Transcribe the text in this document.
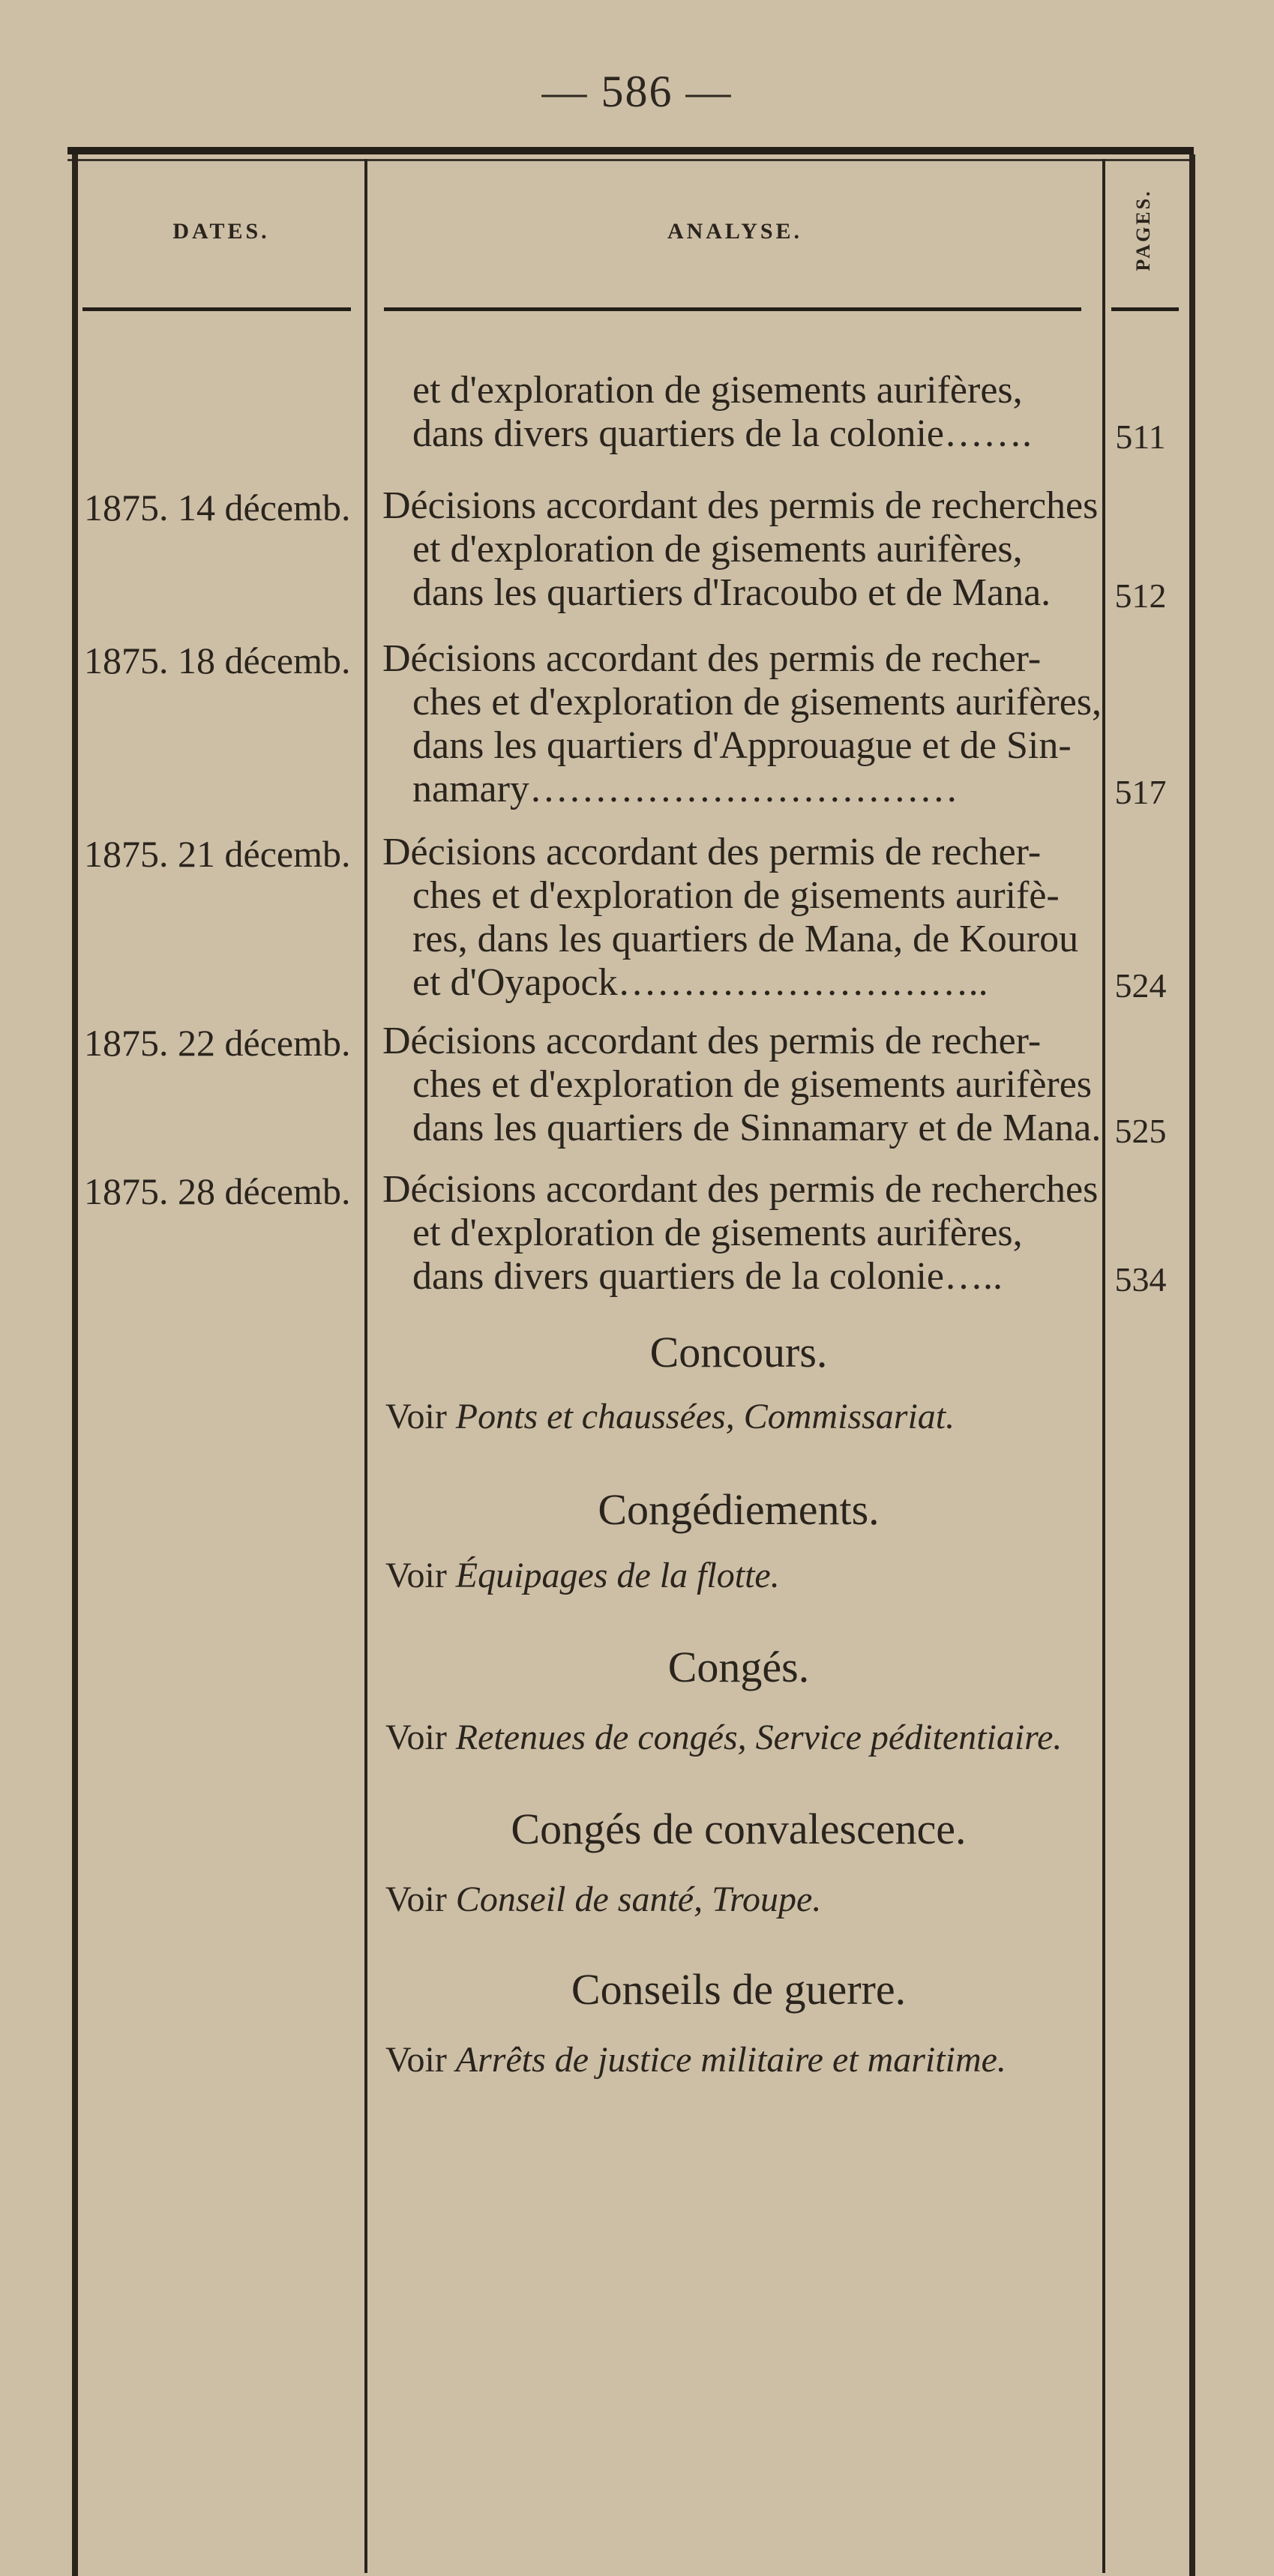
— 586 —
DATES.	ANALYSE.	PAGES.
et d'exploration de gisements aurifères,
dans divers quartiers de la colonie……. 511
1875. 14 décemb. Décisions accordant des permis de recherches
et d'exploration de gisements aurifères,
dans les quartiers d'Iracoubo et de Mana. 512
1875. 18 décemb. Décisions accordant des permis de recher-
ches et d'exploration de gisements aurifères,
dans les quartiers d'Approuague et de Sin-
namary……………………………	517
1875. 21 décemb. Décisions accordant des permis de recher-
ches et d'exploration de gisements aurifè-
res, dans les quartiers de Mana, de Kourou
et d'Oyapock………………………..	524
1875. 22 décemb. Décisions accordant des permis de recher-
ches et d'exploration de gisements aurifères
dans les quartiers de Sinnamary et de Mana. 525
1875. 28 décemb. Décisions accordant des permis de recherches
et d'exploration de gisements aurifères,
dans divers quartiers de la colonie…..	534
Concours.
Voir Ponts et chaussées, Commissariat.
Congédiements.
Voir Équipages de la flotte.
Congés.
Voir Retenues de congés, Service péditentiaire.
Congés de convalescence.
Voir Conseil de santé, Troupe.
Conseils de guerre.
Voir Arrêts de justice militaire et maritime.
